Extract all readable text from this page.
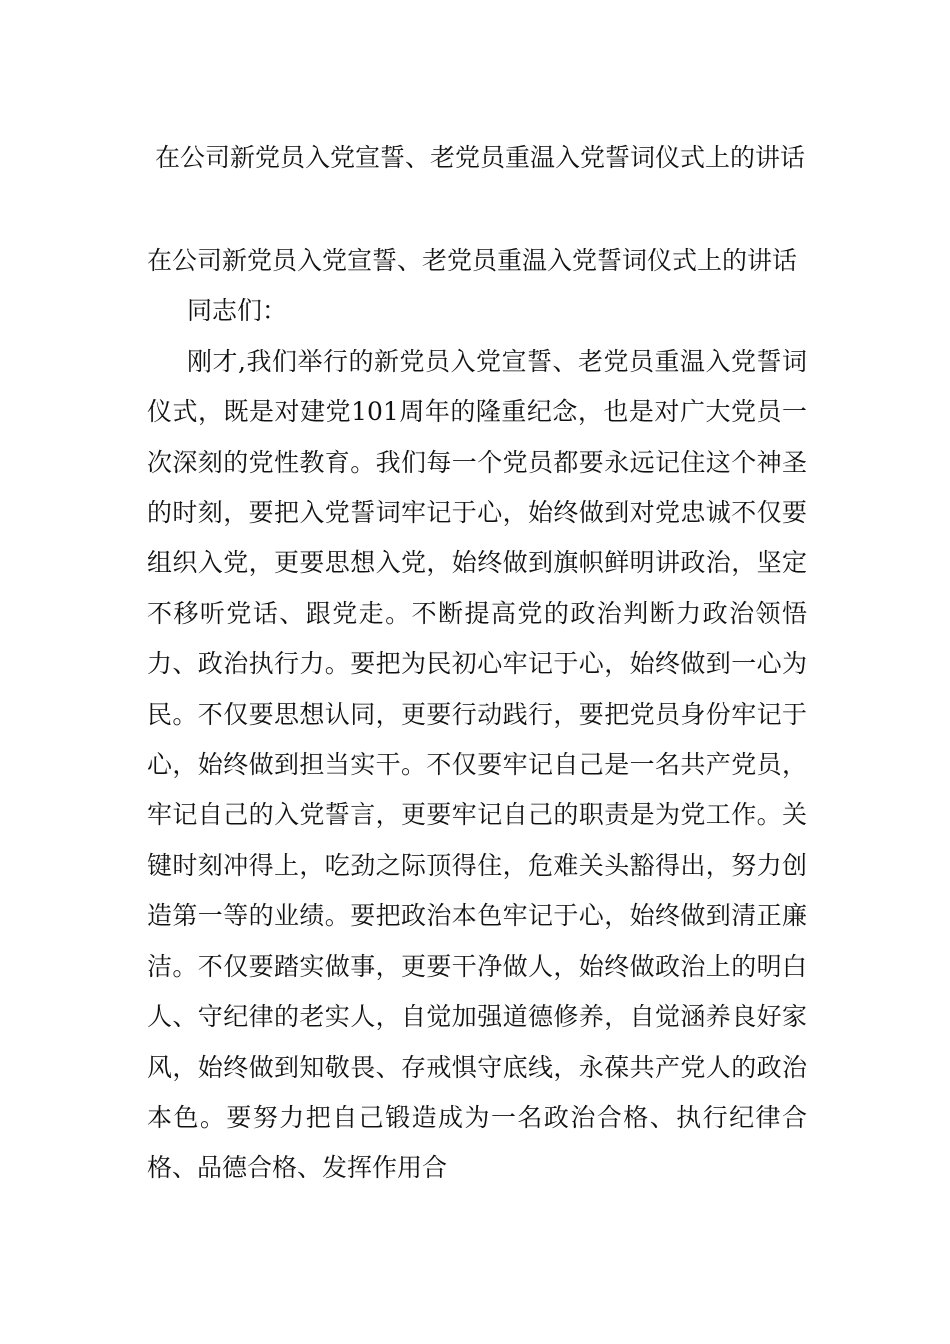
在公司新党员入党宣誓、老党员重温入党誓词仪式上的讲话

在公司新党员入党宣誓、老党员重温入党誓词仪式上的讲话

同志们：

刚才,我们举行的新党员入党宣誓、老党员重温入党誓词仪式，既是对建党101周年的隆重纪念，也是对广大党员一次深刻的党性教育。我们每一个党员都要永远记住这个神圣的时刻，要把入党誓词牢记于心，始终做到对党忠诚不仅要组织入党，更要思想入党，始终做到旗帜鲜明讲政治，坚定不移听党话、跟党走。不断提高党的政治判断力政治领悟力、政治执行力。要把为民初心牢记于心，始终做到一心为民。不仅要思想认同，更要行动践行，要把党员身份牢记于心，始终做到担当实干。不仅要牢记自己是一名共产党员，牢记自己的入党誓言，更要牢记自己的职责是为党工作。关键时刻冲得上，吃劲之际顶得住，危难关头豁得出，努力创造第一等的业绩。要把政治本色牢记于心，始终做到清正廉洁。不仅要踏实做事，更要干净做人，始终做政治上的明白人、守纪律的老实人，自觉加强道德修养，自觉涵养良好家风，始终做到知敬畏、存戒惧守底线，永葆共产党人的政治本色。要努力把自己锻造成为一名政治合格、执行纪律合格、品德合格、发挥作用合
